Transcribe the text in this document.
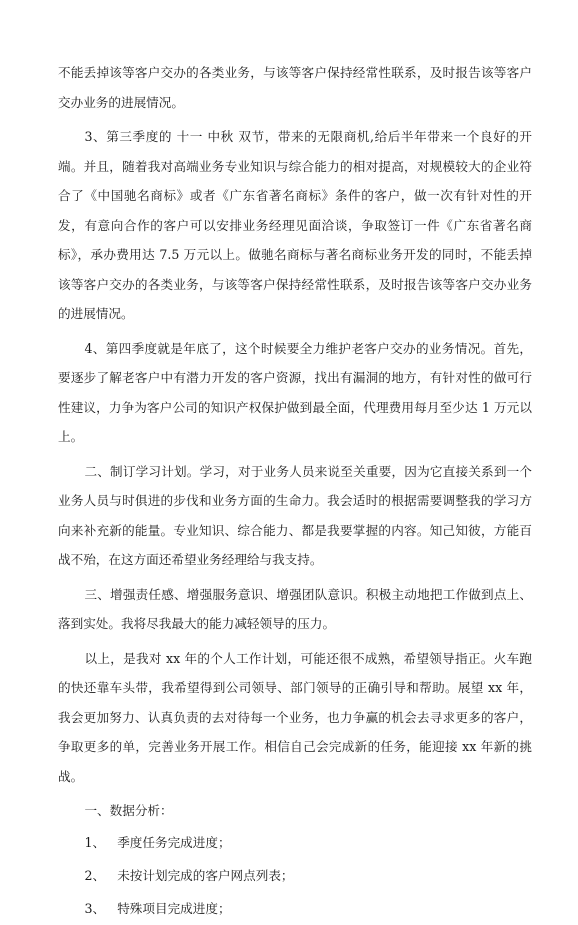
不能丢掉该等客户交办的各类业务，与该等客户保持经常性联系，及时报告该等客户交办业务的进展情况。

3、第三季度的 十一 中秋 双节，带来的无限商机,给后半年带来一个良好的开端。并且，随着我对高端业务专业知识与综合能力的相对提高，对规模较大的企业符合了《中国驰名商标》或者《广东省著名商标》条件的客户，做一次有针对性的开发，有意向合作的客户可以安排业务经理见面洽谈，争取签订一件《广东省著名商标》，承办费用达 7.5 万元以上。做驰名商标与著名商标业务开发的同时，不能丢掉该等客户交办的各类业务，与该等客户保持经常性联系，及时报告该等客户交办业务的进展情况。

4、第四季度就是年底了，这个时候要全力维护老客户交办的业务情况。首先，要逐步了解老客户中有潜力开发的客户资源，找出有漏洞的地方，有针对性的做可行性建议，力争为客户公司的知识产权保护做到最全面，代理费用每月至少达 1 万元以上。

二、制订学习计划。学习，对于业务人员来说至关重要，因为它直接关系到一个业务人员与时俱进的步伐和业务方面的生命力。我会适时的根据需要调整我的学习方向来补充新的能量。专业知识、综合能力、都是我要掌握的内容。知己知彼，方能百战不殆，在这方面还希望业务经理给与我支持。

三、增强责任感、增强服务意识、增强团队意识。积极主动地把工作做到点上、落到实处。我将尽我最大的能力减轻领导的压力。

以上，是我对 xx 年的个人工作计划，可能还很不成熟，希望领导指正。火车跑的快还靠车头带，我希望得到公司领导、部门领导的正确引导和帮助。展望 xx 年，我会更加努力、认真负责的去对待每一个业务，也力争赢的机会去寻求更多的客户，争取更多的单，完善业务开展工作。相信自己会完成新的任务，能迎接 xx 年新的挑战。

一、数据分析：

1、 季度任务完成进度；
2、 未按计划完成的客户网点列表；
3、 特殊项目完成进度；
